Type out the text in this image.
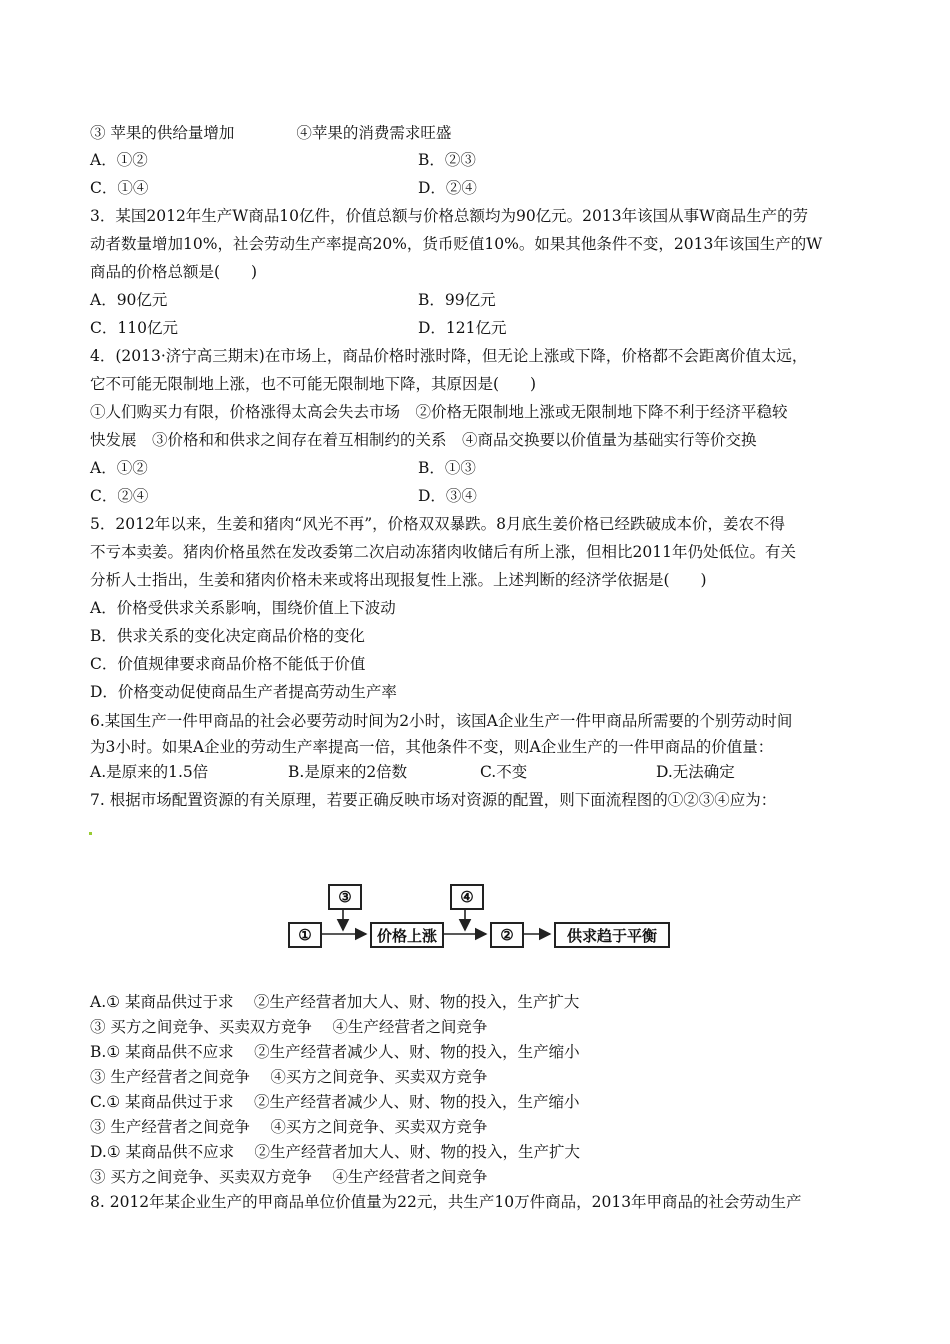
③ 苹果的供给量增加　　　　④苹果的消费需求旺盛
A．①②	B．②③
C．①④	D．②④
3．某国2012年生产W商品10亿件，价值总额与价格总额均为90亿元。2013年该国从事W商品生产的劳
动者数量增加10%，社会劳动生产率提高20%，货币贬值10%。如果其他条件不变，2013年该国生产的W
商品的价格总额是(　　)
A．90亿元	B．99亿元
C．110亿元	D．121亿元
4．(2013·济宁高三期末)在市场上，商品价格时涨时降，但无论上涨或下降，价格都不会距离价值太远，
它不可能无限制地上涨，也不可能无限制地下降，其原因是(　　)
①人们购买力有限，价格涨得太高会失去市场　②价格无限制地上涨或无限制地下降不利于经济平稳较
快发展　③价格和和供求之间存在着互相制约的关系　④商品交换要以价值量为基础实行等价交换
A．①②	B．①③
C．②④	D．③④
5．2012年以来，生姜和猪肉“风光不再”，价格双双暴跌。8月底生姜价格已经跌破成本价，姜农不得
不亏本卖姜。猪肉价格虽然在发改委第二次启动冻猪肉收储后有所上涨，但相比2011年仍处低位。有关
分析人士指出，生姜和猪肉价格未来或将出现报复性上涨。上述判断的经济学依据是(　　)
A．价格受供求关系影响，围绕价值上下波动
B．供求关系的变化决定商品价格的变化
C．价值规律要求商品价格不能低于价值
D．价格变动促使商品生产者提高劳动生产率
6.某国生产一件甲商品的社会必要劳动时间为2小时，该国A企业生产一件甲商品所需要的个别劳动时间
为3小时。如果A企业的劳动生产率提高一倍，其他条件不变，则A企业生产的一件甲商品的价值量：
A.是原来的1.5倍	B.是原来的2倍数	C.不变	D.无法确定
7. 根据市场配置资源的有关原理，若要正确反映市场对资源的配置，则下面流程图的①②③④应为：
①
③
价格上涨
④
②	供求趋于平衡
A.① 某商品供过于求　 ②生产经营者加大人、财、物的投入，生产扩大
③ 买方之间竞争、买卖双方竞争　 ④生产经营者之间竞争
B.① 某商品供不应求　 ②生产经营者减少人、财、物的投入，生产缩小
③ 生产经营者之间竞争　 ④买方之间竞争、买卖双方竞争
C.① 某商品供过于求　 ②生产经营者减少人、财、物的投入，生产缩小
③ 生产经营者之间竞争　 ④买方之间竞争、买卖双方竞争
D.① 某商品供不应求　 ②生产经营者加大人、财、物的投入，生产扩大
③ 买方之间竞争、买卖双方竞争　 ④生产经营者之间竞争
8. 2012年某企业生产的甲商品单位价值量为22元，共生产10万件商品，2013年甲商品的社会劳动生产
